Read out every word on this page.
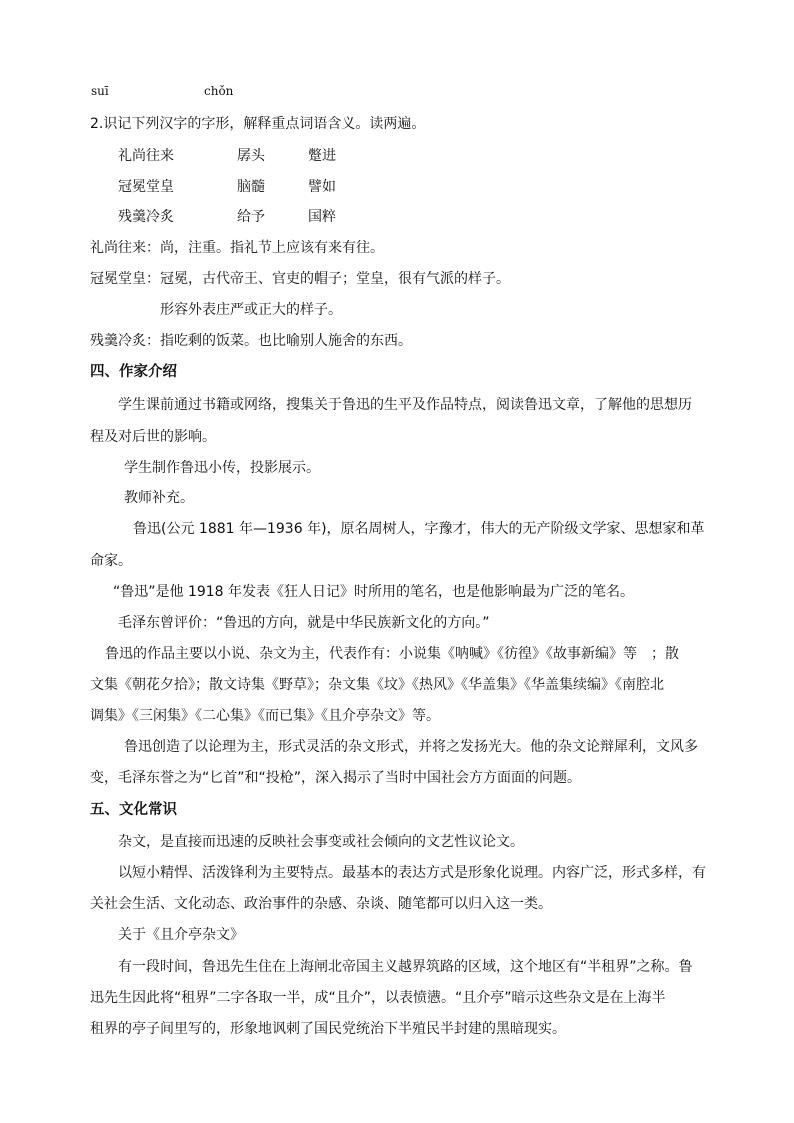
suī	chǒn
2.识记下列汉字的字形，解释重点词语含义。读两遍。
礼尚往来	孱头	蹩进
冠冕堂皇	脑髓	譬如
残羹冷炙	给予	国粹
礼尚往来：尚，注重。指礼节上应该有来有往。
冠冕堂皇：冠冕，古代帝王、官吏的帽子；堂皇，很有气派的样子。
形容外表庄严或正大的样子。
残羹冷炙：指吃剩的饭菜。也比喻别人施舍的东西。
四、作家介绍
学生课前通过书籍或网络，搜集关于鲁迅的生平及作品特点，阅读鲁迅文章，了解他的思想历
程及对后世的影响。
学生制作鲁迅小传，投影展示。
教师补充。
鲁迅(公元 1881 年—1936 年)，原名周树人，字豫才，伟大的无产阶级文学家、思想家和革
命家。
“鲁迅”是他 1918 年发表《狂人日记》时所用的笔名，也是他影响最为广泛的笔名。
毛泽东曾评价：“鲁迅的方向，就是中华民族新文化的方向。”
鲁迅的作品主要以小说、杂文为主，代表作有：小说集《呐喊》《彷徨》《故事新编》等　；散
文集《朝花夕拾》；散文诗集《野草》；杂文集《坟》《热风》《华盖集》《华盖集续编》《南腔北
调集》《三闲集》《二心集》《而已集》《且介亭杂文》等。
鲁迅创造了以论理为主，形式灵活的杂文形式，并将之发扬光大。他的杂文论辩犀利，文风多
变，毛泽东誉之为“匕首”和“投枪”，深入揭示了当时中国社会方方面面的问题。
五、文化常识
杂文，是直接而迅速的反映社会事变或社会倾向的文艺性议论文。
以短小精悍、活泼锋利为主要特点。最基本的表达方式是形象化说理。内容广泛，形式多样，有
关社会生活、文化动态、政治事件的杂感、杂谈、随笔都可以归入这一类。
关于《且介亭杂文》
有一段时间，鲁迅先生住在上海闸北帝国主义越界筑路的区域，这个地区有“半租界”之称。鲁
迅先生因此将“租界”二字各取一半，成“且介”，以表愤懑。“且介亭”暗示这些杂文是在上海半
租界的亭子间里写的，形象地讽刺了国民党统治下半殖民半封建的黑暗现实。
